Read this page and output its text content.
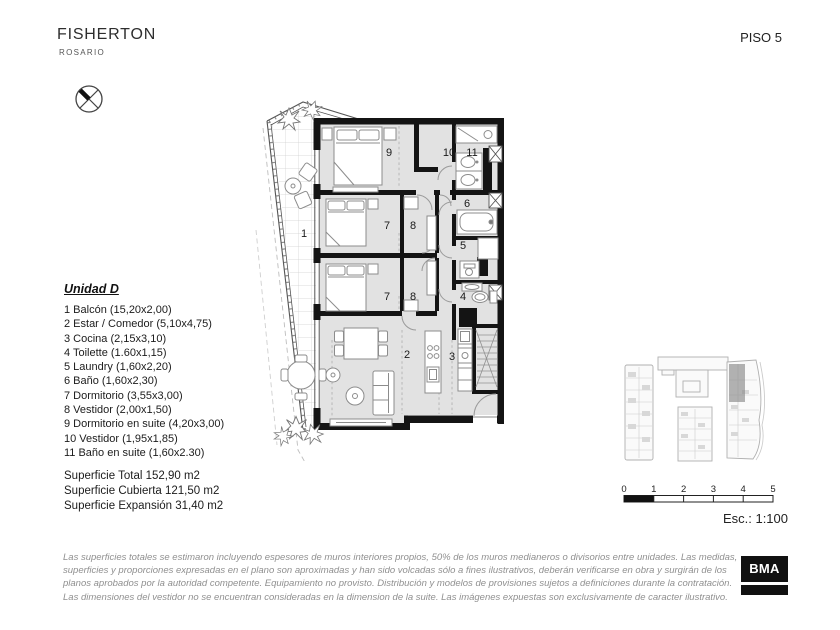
FISHERTON
ROSARIO
PISO 5
Unidad D
1 Balcón (15,20x2,00)
2 Estar / Comedor (5,10x4,75)
3 Cocina (2,15x3,10)
4 Toilette (1.60x1,15)
5 Laundry (1,60x2,20)
6 Baño (1,60x2,30)
7 Dormitorio (3,55x3,00)
8 Vestidor (2,00x1,50)
9 Dormitorio en suite (4,20x3,00)
10 Vestidor (1,95x1,85)
11 Baño en suite (1,60x2.30)
Superficie Total 152,90 m2
Superficie Cubierta 121,50 m2
Superficie Expansión 31,40 m2
1
2	3
4
5
6
7 8
7 8
9	10 11
0	1	2	3	4	5
Esc.: 1:100
Las superficies totales se estimaron incluyendo espesores de muros interiores propios, 50% de los muros medianeros o divisorios entre unidades. Las medidas,
superficies y proporciones expresadas en el plano son aproximadas y han sido volcadas sólo a fines ilustrativos, deberán verificarse en obra y surgirán de los
planos aprobados por la autoridad competente. Equipamiento no provisto. Distribución y modelos de provisiones sujetos a definiciones durante la contratación.
Las dimensiones del vestidor no se encuentran consideradas en la dimension de la suite. Las imágenes expuestas son exclusivamente de caracter ilustrativo.
BMA
